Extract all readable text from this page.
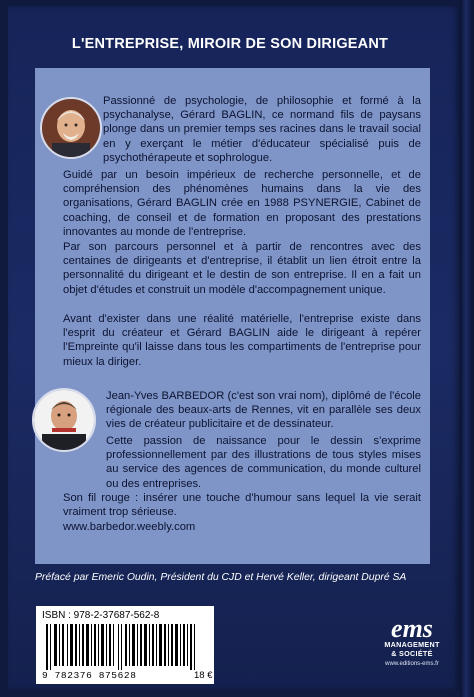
L'ENTREPRISE, MIROIR DE SON DIRIGEANT

Passionné de psychologie, de philosophie et formé à la psychanalyse, Gérard BAGLIN, ce normand fils de paysans plonge dans un premier temps ses racines dans le travail social en y exerçant le métier d'éducateur spécialisé puis de psychothérapeute et sophrologue.

Guidé par un besoin impérieux de recherche personnelle, et de compréhension des phénomènes humains dans la vie des organisations, Gérard BAGLIN crée en 1988 PSYNERGIE, Cabinet de coaching, de conseil et de formation en proposant des prestations innovantes au monde de l'entreprise.

Par son parcours personnel et à partir de rencontres avec des centaines de dirigeants et d'entreprise, il établit un lien étroit entre la personnalité du dirigeant et le destin de son entreprise. Il en a fait un objet d'études et construit un modèle d'accompagnement unique.

Avant d'exister dans une réalité matérielle, l'entreprise existe dans l'esprit du créateur et Gérard BAGLIN aide le dirigeant à repérer l'Empreinte qu'il laisse dans tous les compartiments de l'entreprise pour mieux la diriger.

Jean-Yves BARBEDOR (c'est son vrai nom), diplômé de l'école régionale des beaux-arts de Rennes, vit en parallèle ses deux vies de créateur publicitaire et de dessinateur.

Cette passion de naissance pour le dessin s'exprime professionnellement par des illustrations de tous styles mises au service des agences de communication, du monde culturel ou des entreprises.

Son fil rouge : insérer une touche d'humour sans lequel la vie serait vraiment trop sérieuse.

www.barbedor.weebly.com

Préfacé par Emeric Oudin, Président du CJD et Hervé Keller, dirigeant Dupré SA
ISBN : 978-2-37687-562-8
9 782376 875628	18 €
ems
MANAGEMENT
& SOCIÉTÉ
www.editions-ems.fr
